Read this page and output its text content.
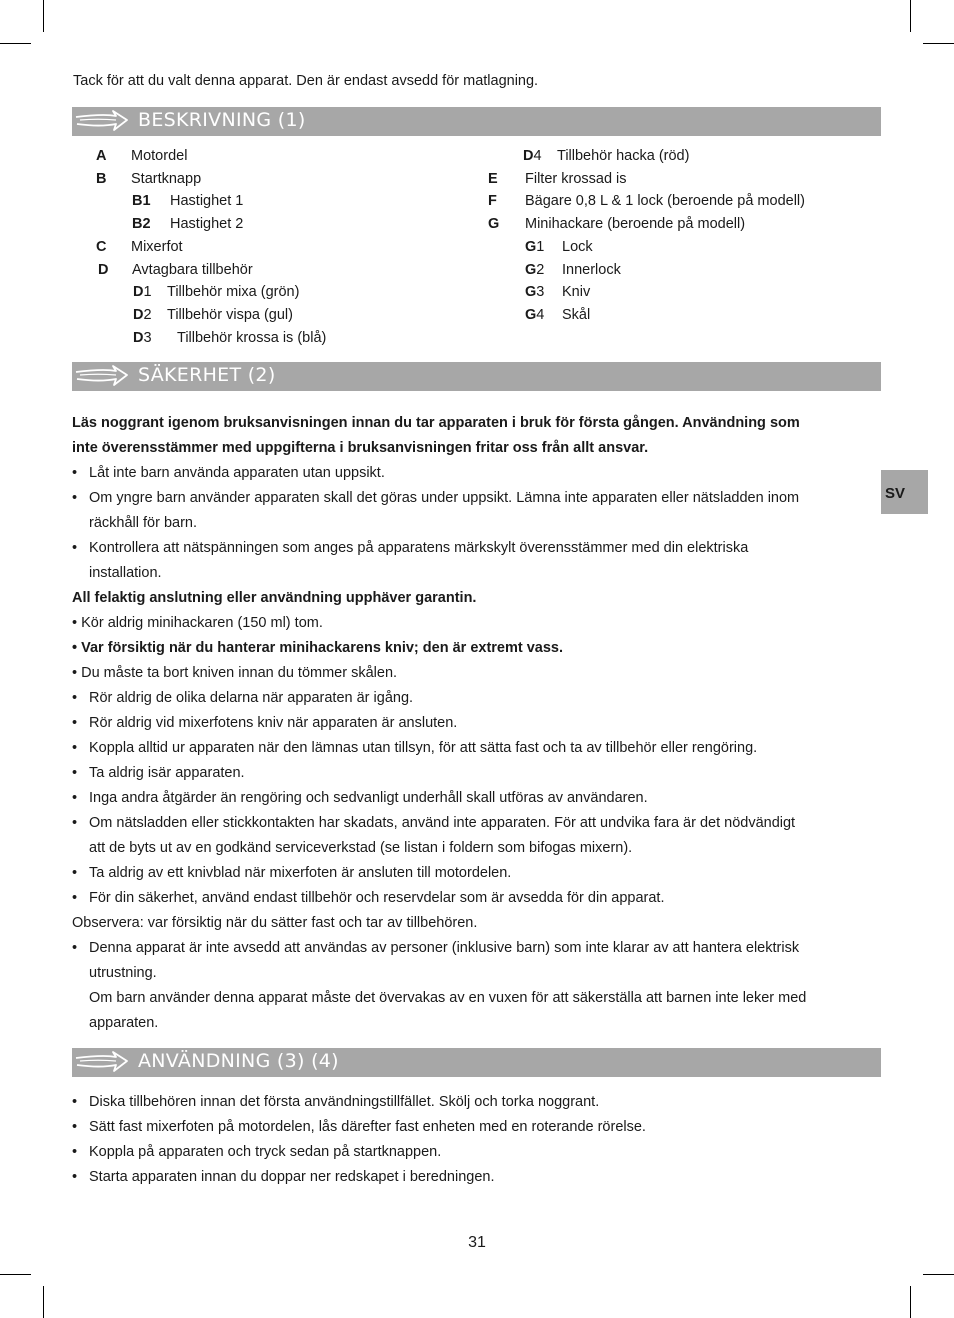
Tack för att du valt denna apparat. Den är endast avsedd för matlagning.
BESKRIVNING (1)
A Motordel
B Startknapp
B1 Hastighet 1
B2 Hastighet 2
C Mixerfot
D Avtagbara tillbehör
D1 Tillbehör mixa (grön)
D2 Tillbehör vispa (gul)
D3 Tillbehör krossa is (blå)
D4 Tillbehör hacka (röd)
E Filter krossad is
F Bägare 0,8 L & 1 lock (beroende på modell)
G Minihackare (beroende på modell)
G1 Lock
G2 Innerlock
G3 Kniv
G4 Skål
SÄKERHET (2)
Läs noggrant igenom bruksanvisningen innan du tar apparaten i bruk för första gången. Användning som
inte överensstämmer med uppgifterna i bruksanvisningen fritar oss från allt ansvar.
• Låt inte barn använda apparaten utan uppsikt.
• Om yngre barn använder apparaten skall det göras under uppsikt. Lämna inte apparaten eller nätsladden inom
räckhåll för barn.
• Kontrollera att nätspänningen som anges på apparatens märkskylt överensstämmer med din elektriska
installation.
All felaktig anslutning eller användning upphäver garantin.
• Kör aldrig minihackaren (150 ml) tom.
• Var försiktig när du hanterar minihackarens kniv; den är extremt vass.
• Du måste ta bort kniven innan du tömmer skålen.
• Rör aldrig de olika delarna när apparaten är igång.
• Rör aldrig vid mixerfotens kniv när apparaten är ansluten.
• Koppla alltid ur apparaten när den lämnas utan tillsyn, för att sätta fast och ta av tillbehör eller rengöring.
• Ta aldrig isär apparaten.
• Inga andra åtgärder än rengöring och sedvanligt underhåll skall utföras av användaren.
• Om nätsladden eller stickkontakten har skadats, använd inte apparaten. För att undvika fara är det nödvändigt
att de byts ut av en godkänd serviceverkstad (se listan i foldern som bifogas mixern).
• Ta aldrig av ett knivblad när mixerfoten är ansluten till motordelen.
• För din säkerhet, använd endast tillbehör och reservdelar som är avsedda för din apparat.
Observera: var försiktig när du sätter fast och tar av tillbehören.
• Denna apparat är inte avsedd att användas av personer (inklusive barn) som inte klarar av att hantera elektrisk
utrustning.
Om barn använder denna apparat måste det övervakas av en vuxen för att säkerställa att barnen inte leker med
apparaten.
SV
ANVÄNDNING (3) (4)
• Diska tillbehören innan det första användningstillfället. Skölj och torka noggrant.
• Sätt fast mixerfoten på motordelen, lås därefter fast enheten med en roterande rörelse.
• Koppla på apparaten och tryck sedan på startknappen.
• Starta apparaten innan du doppar ner redskapet i beredningen.
31
